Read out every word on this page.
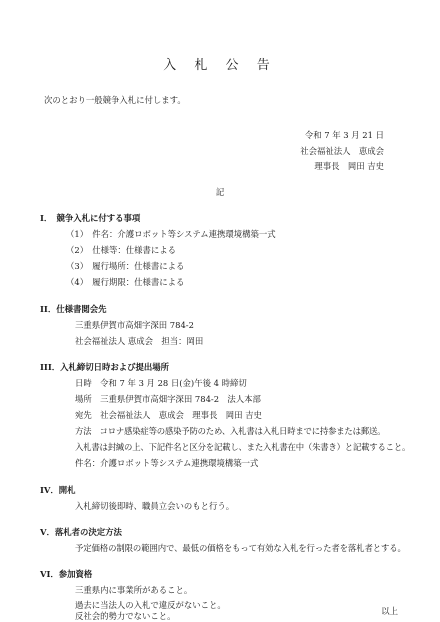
入 札 公 告
次のとおり一般競争入札に付します。
令和 7 年 3 月 21 日
社会福祉法人　恵成会
理事長　岡田 吉史
記
I．　競争入札に付する事項
（1）　件名：介護ロボット等システム連携環境構築一式
（2）　仕様等：仕様書による
（3）　履行場所：仕様書による
（4）　履行期限：仕様書による
II．仕様書閲会先
三重県伊賀市高畑字深田 784-2
社会福祉法人 恵成会　担当：岡田
III．入札締切日時および提出場所
日時　令和 7 年 3 月 28 日(金)午後 4 時締切
場所　三重県伊賀市高畑字深田 784-2　法人本部
宛先　社会福祉法人　恵成会　理事長　岡田 吉史
方法　コロナ感染症等の感染予防のため、入札書は入札日時までに持参または郵送。
入札書は封緘の上、下記件名と区分を記載し、また入札書在中（朱書き）と記載すること。
件名：介護ロボット等システム連携環境構築一式
IV．開札
入札締切後即時、職員立会いのもと行う。
V．落札者の決定方法
予定価格の制限の範囲内で、最低の価格をもって有効な入札を行った者を落札者とする。
VI．参加資格
三重県内に事業所があること。
過去に当法人の入札で違反がないこと。
反社会的勢力でないこと。	以上
